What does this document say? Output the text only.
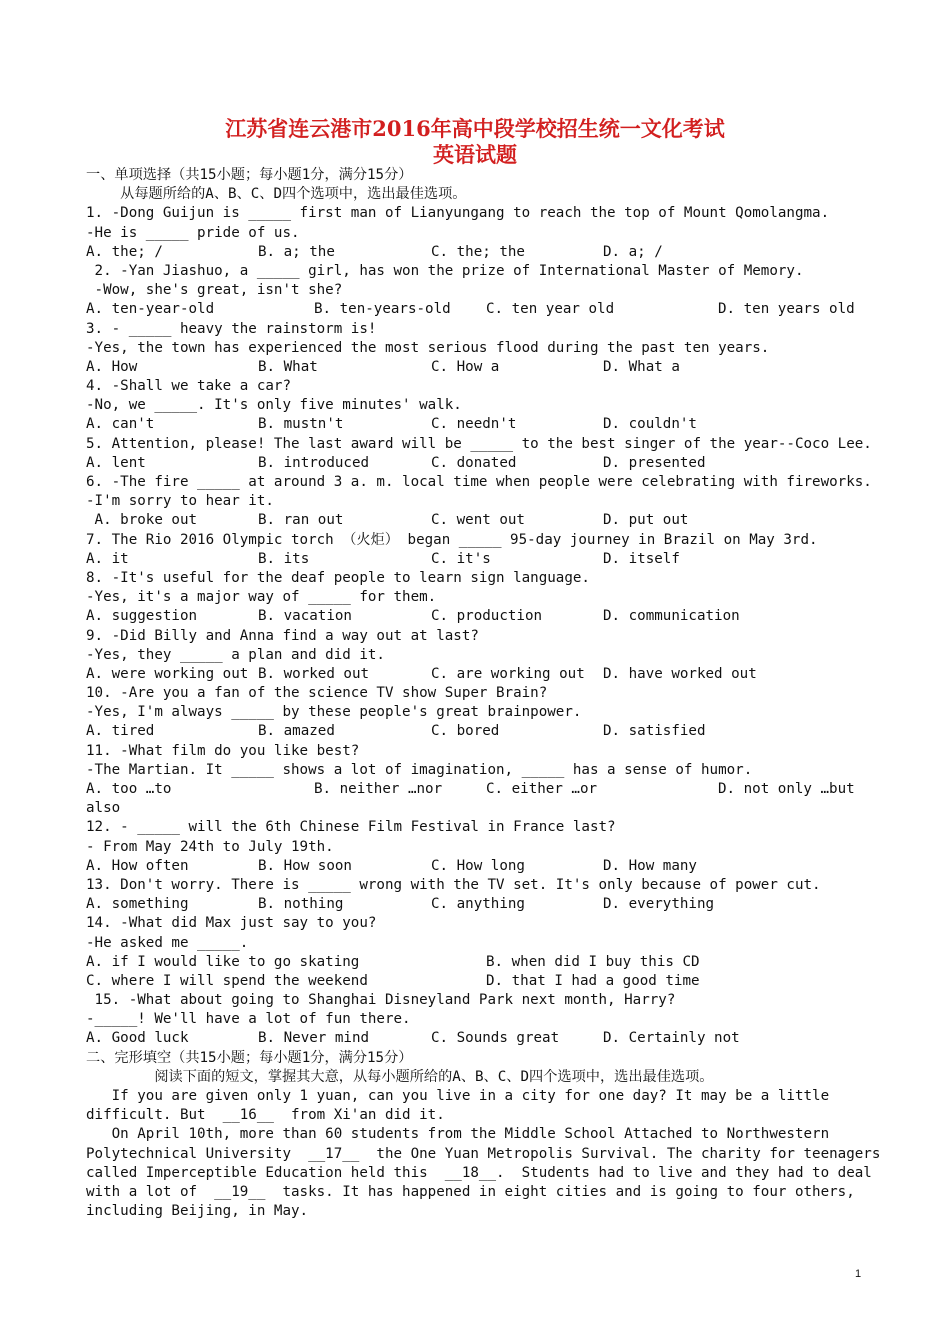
江苏省连云港市2016年高中段学校招生统一文化考试
英语试题
一、单项选择（共15小题；每小题1分，满分15分）
从每题所给的A、B、C、D四个选项中，选出最佳选项。
1. -Dong Guijun is _____ first man of Lianyungang to reach the top of Mount Qomolangma.
-He is _____ pride of us.
A. the; /	B. a; the	C. the; the	D. a; /
2. -Yan Jiashuo, a _____ girl, has won the prize of International Master of Memory.
-Wow, she's great, isn't she?
A. ten-year-old	B. ten-years-old C. ten year old	D. ten years old
3. - _____ heavy the rainstorm is!
-Yes, the town has experienced the most serious flood during the past ten years.
A. How	B. What	C. How a	D. What a
4. -Shall we take a car?
-No, we _____. It's only five minutes' walk.
A. can't	B. mustn't	C. needn't	D. couldn't
5. Attention, please! The last award will be _____ to the best singer of the year--Coco Lee.
A. lent	B. introduced	C. donated	D. presented
6. -The fire _____ at around 3 a. m. local time when people were celebrating with fireworks.
-I'm sorry to hear it.
A. broke out	B. ran out	C. went out	D. put out
7. The Rio 2016 Olympic torch （火炬） began _____ 95-day journey in Brazil on May 3rd.
A. it	B. its	C. it's	D. itself
8. -It's useful for the deaf people to learn sign language.
-Yes, it's a major way of _____ for them.
A. suggestion	B. vacation	C. production	D. communication
9. -Did Billy and Anna find a way out at last?
-Yes, they _____ a plan and did it.
A. were working out B. worked out	C. are working out D. have worked out
10. -Are you a fan of the science TV show Super Brain?
-Yes, I'm always _____ by these people's great brainpower.
A. tired	B. amazed	C. bored	D. satisfied
11. -What film do you like best?
-The Martian. It _____ shows a lot of imagination, _____ has a sense of humor.
A. too …to	B. neither …nor	C. either …or	D. not only …but
also
12. - _____ will the 6th Chinese Film Festival in France last?
- From May 24th to July 19th.
A. How often	B. How soon	C. How long	D. How many
13. Don't worry. There is _____ wrong with the TV set. It's only because of power cut.
A. something	B. nothing	C. anything	D. everything
14. -What did Max just say to you?
-He asked me _____.
A. if I would like to go skating	B. when did I buy this CD
C. where I will spend the weekend	D. that I had a good time
15. -What about going to Shanghai Disneyland Park next month, Harry?
-_____! We'll have a lot of fun there.
A. Good luck	B. Never mind	C. Sounds great	D. Certainly not
二、完形填空（共15小题；每小题1分，满分15分）
阅读下面的短文，掌握其大意，从每小题所给的A、B、C、D四个选项中，选出最佳选项。
If you are given only 1 yuan, can you live in a city for one day? It may be a little
difficult. But  __16__  from Xi'an did it.
On April 10th, more than 60 students from the Middle School Attached to Northwestern
Polytechnical University  __17__  the One Yuan Metropolis Survival. The charity for teenagers
called Imperceptible Education held this  __18__.  Students had to live and they had to deal
with a lot of  __19__  tasks. It has happened in eight cities and is going to four others,
including Beijing, in May.
1
